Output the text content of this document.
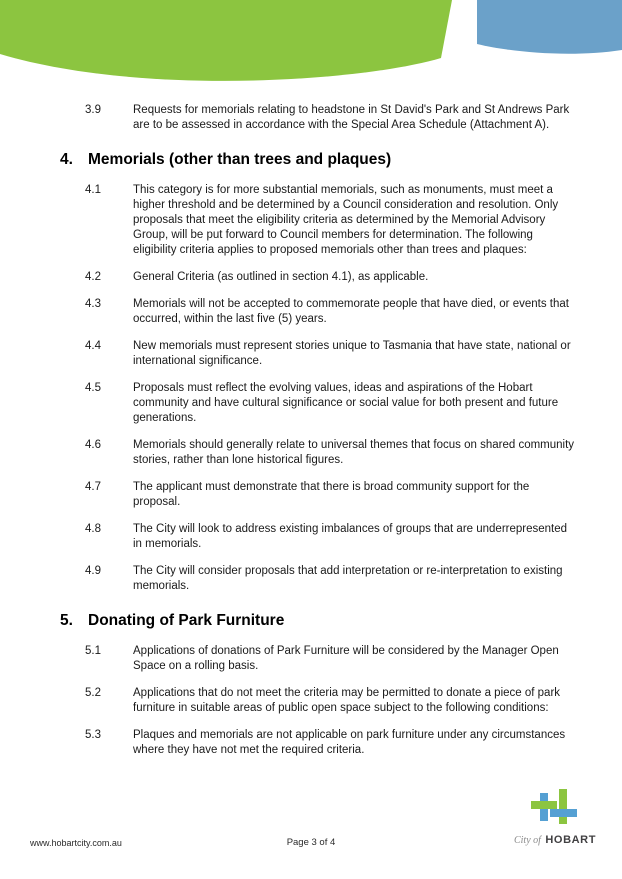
3.9	Requests for memorials relating to headstone in St David's Park and St Andrews Park are to be assessed in accordance with the Special Area Schedule (Attachment A).
4. Memorials (other than trees and plaques)
4.1	This category is for more substantial memorials, such as monuments, must meet a higher threshold and be determined by a Council consideration and resolution. Only proposals that meet the eligibility criteria as determined by the Memorial Advisory Group, will be put forward to Council members for determination. The following eligibility criteria applies to proposed memorials other than trees and plaques:
4.2	General Criteria (as outlined in section 4.1), as applicable.
4.3	Memorials will not be accepted to commemorate people that have died, or events that occurred, within the last five (5) years.
4.4	New memorials must represent stories unique to Tasmania that have state, national or international significance.
4.5	Proposals must reflect the evolving values, ideas and aspirations of the Hobart community and have cultural significance or social value for both present and future generations.
4.6	Memorials should generally relate to universal themes that focus on shared community stories, rather than lone historical figures.
4.7	The applicant must demonstrate that there is broad community support for the proposal.
4.8	The City will look to address existing imbalances of groups that are underrepresented in memorials.
4.9	The City will consider proposals that add interpretation or re-interpretation to existing memorials.
5. Donating of Park Furniture
5.1	Applications of donations of Park Furniture will be considered by the Manager Open Space on a rolling basis.
5.2	Applications that do not meet the criteria may be permitted to donate a piece of park furniture in suitable areas of public open space subject to the following conditions:
5.3	Plaques and memorials are not applicable on park furniture under any circumstances where they have not met the required criteria.
www.hobartcity.com.au	Page 3 of 4	City of HOBART
